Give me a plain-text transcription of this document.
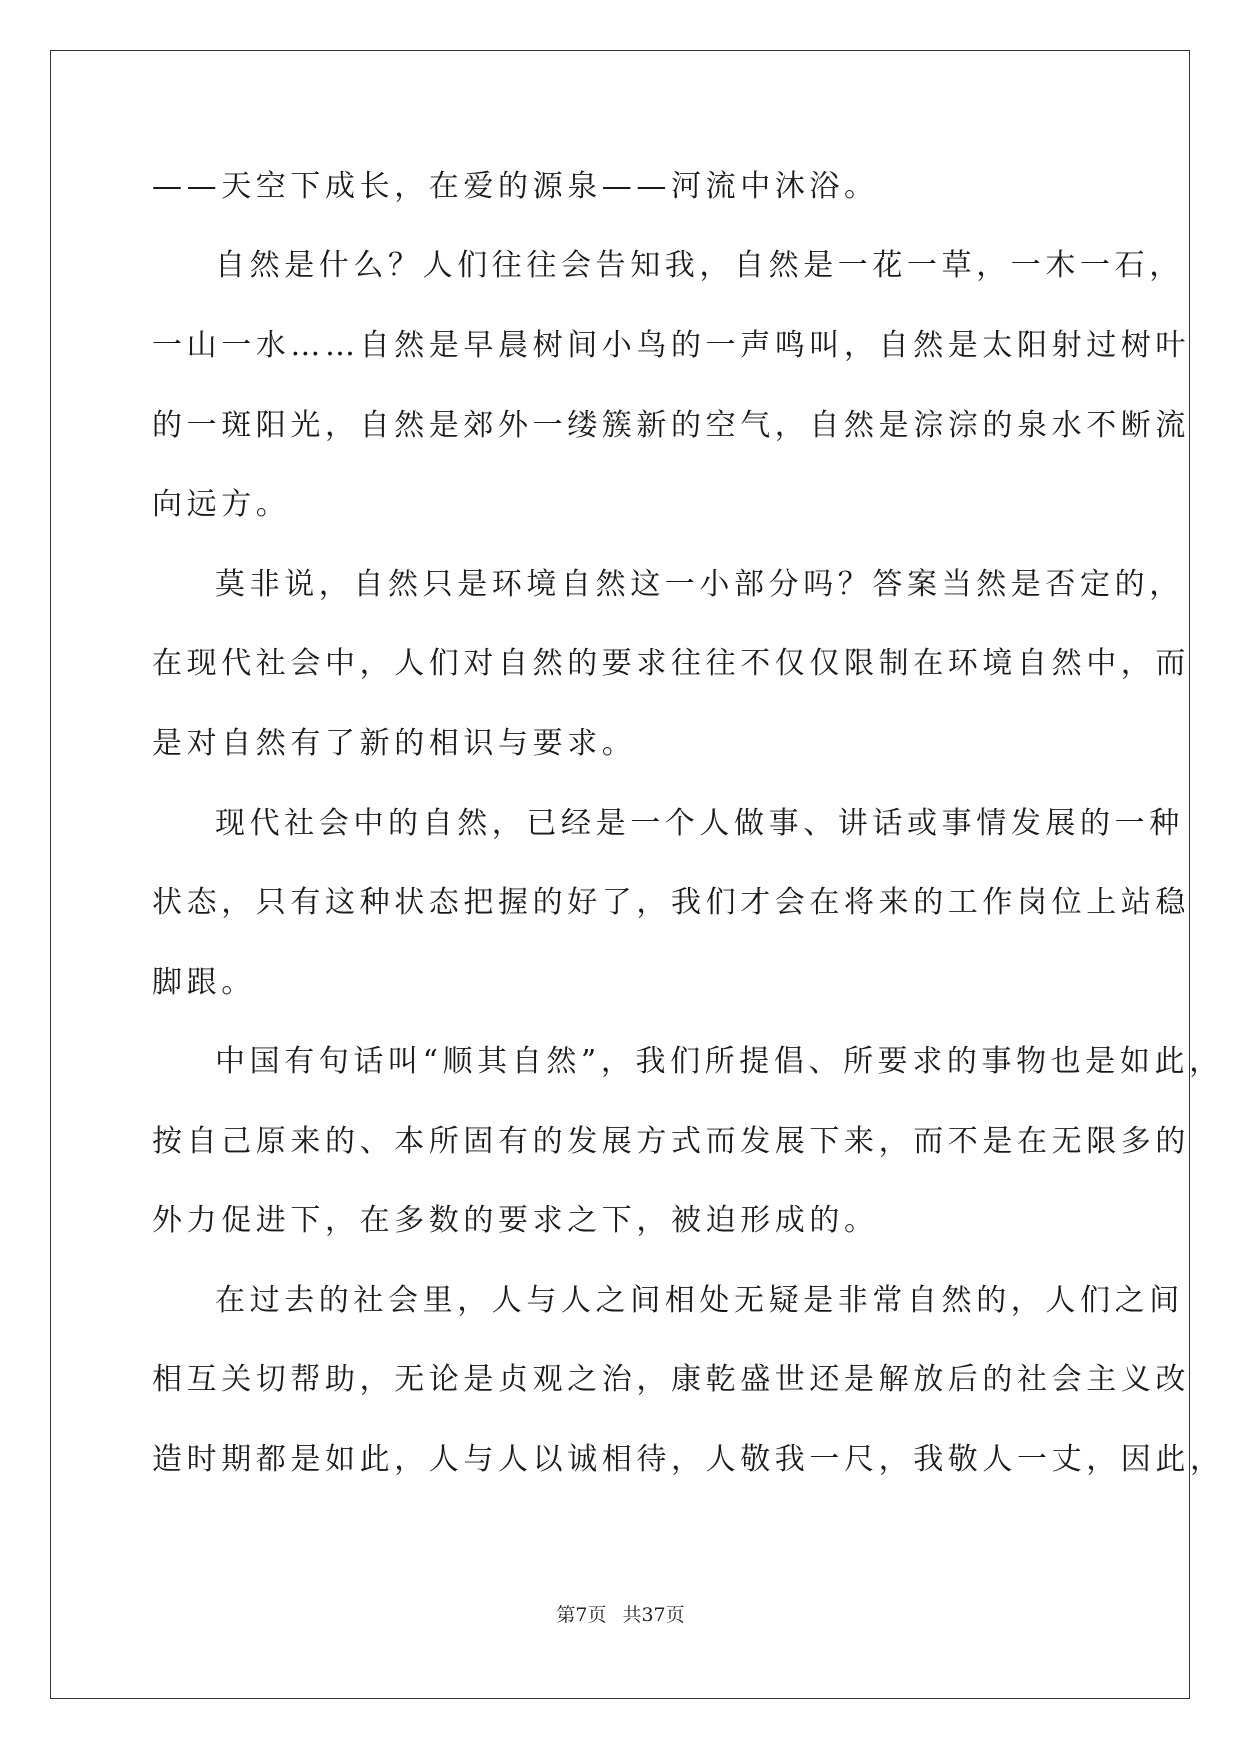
——天空下成长，在爱的源泉——河流中沐浴。
自然是什么？人们往往会告知我，自然是一花一草，一木一石，
一山一水……自然是早晨树间小鸟的一声鸣叫，自然是太阳射过树叶
的一斑阳光，自然是郊外一缕簇新的空气，自然是淙淙的泉水不断流
向远方。
莫非说，自然只是环境自然这一小部分吗？答案当然是否定的，
在现代社会中，人们对自然的要求往往不仅仅限制在环境自然中，而
是对自然有了新的相识与要求。
现代社会中的自然，已经是一个人做事、讲话或事情发展的一种
状态，只有这种状态把握的好了，我们才会在将来的工作岗位上站稳
脚跟。
中国有句话叫“顺其自然”，我们所提倡、所要求的事物也是如此，
按自己原来的、本所固有的发展方式而发展下来，而不是在无限多的
外力促进下，在多数的要求之下，被迫形成的。
在过去的社会里，人与人之间相处无疑是非常自然的，人们之间
相互关切帮助，无论是贞观之治，康乾盛世还是解放后的社会主义改
造时期都是如此，人与人以诚相待，人敬我一尺，我敬人一丈，因此，
第7页 共37页
